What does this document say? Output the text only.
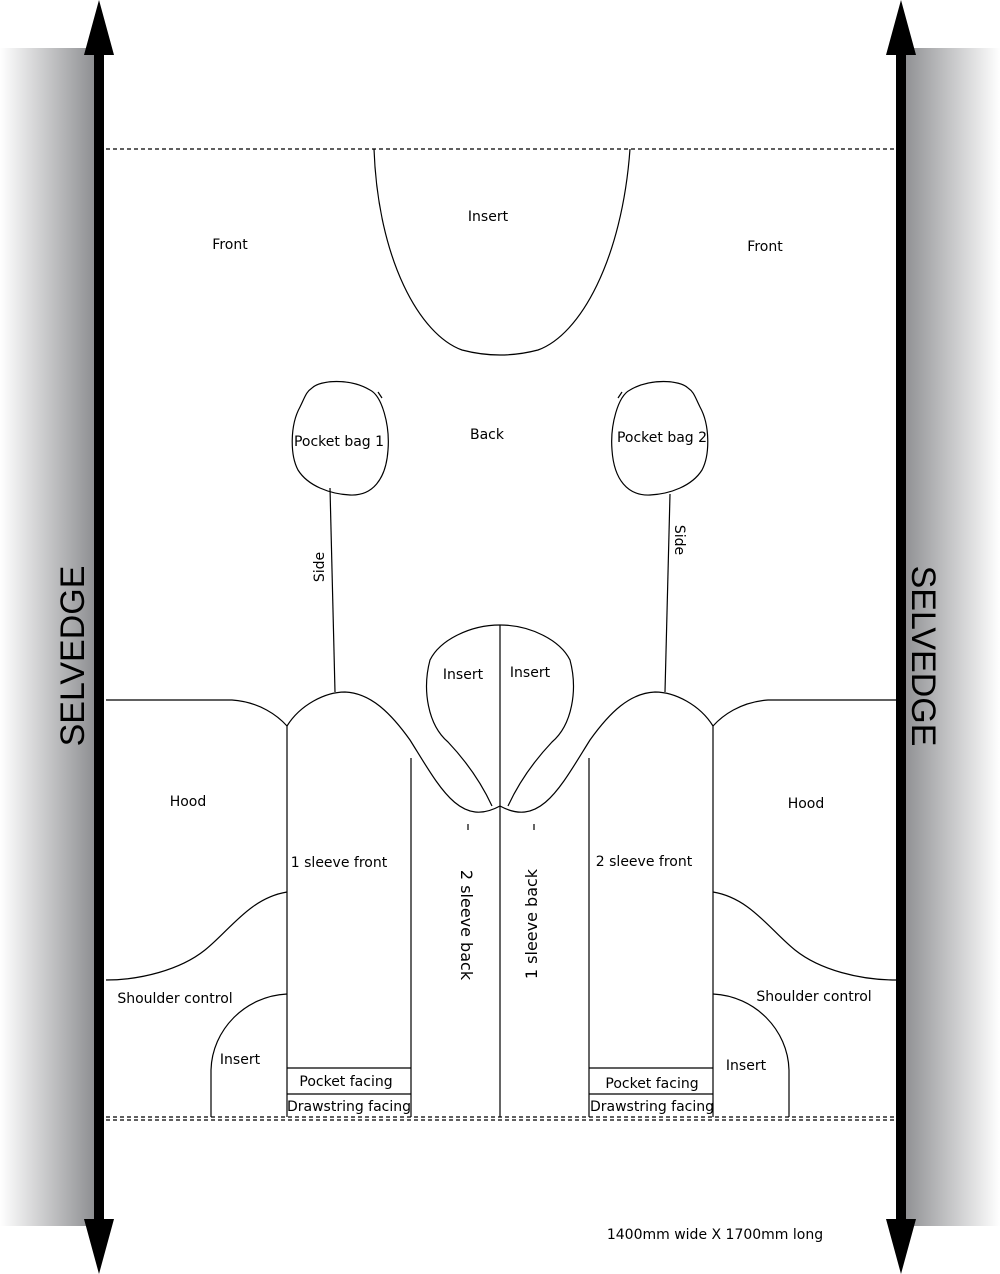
SELVEDGE	SELVEDGE
Front	Front
Insert
Back
Pocket bag 1	Pocket bag 2
Side
Side
Insert Insert
Hood	Hood
1 sleeve front	2 sleeve front
2 sleeve back	1 sleeve back
Shoulder control	Shoulder control
Insert	Insert
Pocket facing	Pocket facing
Drawstring facing	Drawstring facing
1400mm wide X 1700mm long
